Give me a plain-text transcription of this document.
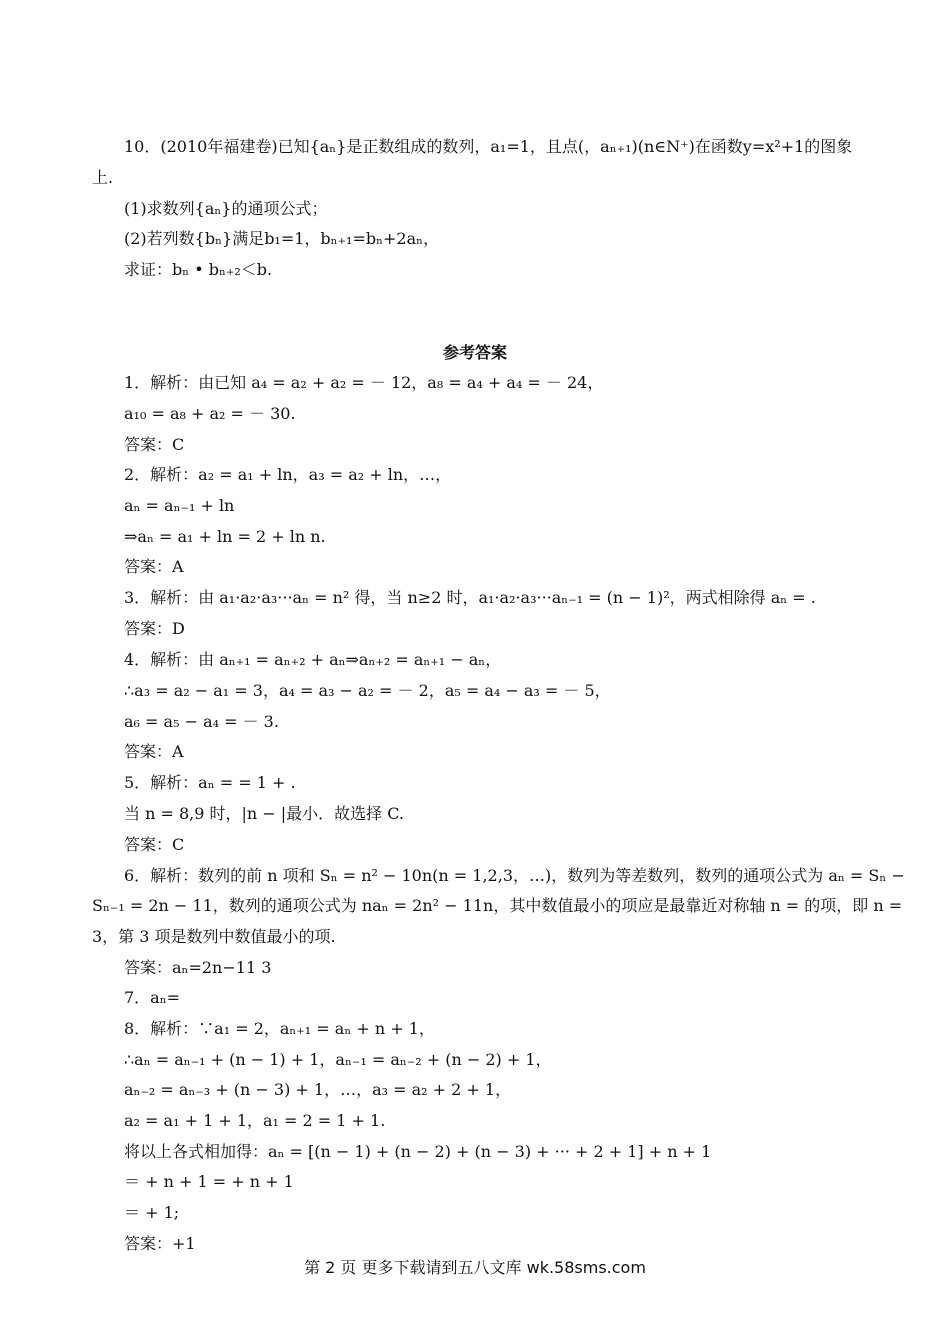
10．(2010年福建卷)已知{aₙ}是正数组成的数列，a₁=1，且点(，aₙ₊₁)(n∈N⁺)在函数y=x²+1的图象
上.
(1)求数列{aₙ}的通项公式；
(2)若列数{bₙ}满足b₁=1，bₙ₊₁=bₙ+2aₙ，
求证：bₙ • bₙ₊₂＜b.
参考答案
1．解析：由已知 a₄ = a₂ + a₂ = － 12，a₈ = a₄ + a₄ = － 24，
a₁₀ = a₈ + a₂ = － 30.
答案：C
2．解析：a₂ = a₁ + ln，a₃ = a₂ + ln，…，
aₙ = aₙ₋₁ + ln
⇒aₙ = a₁ + ln = 2 + ln n.
答案：A
3．解析：由 a₁·a₂·a₃···aₙ = n² 得，当 n≥2 时，a₁·a₂·a₃···aₙ₋₁ = (n − 1)²，两式相除得 aₙ = .
答案：D
4．解析：由 aₙ₊₁ = aₙ₊₂ + aₙ⇒aₙ₊₂ = aₙ₊₁ − aₙ，
∴a₃ = a₂ − a₁ = 3，a₄ = a₃ − a₂ = － 2，a₅ = a₄ − a₃ = － 5，
a₆ = a₅ − a₄ = － 3.
答案：A
5．解析：aₙ = = 1 + .
当 n = 8,9 时，|n − |最小．故选择 C.
答案：C
6．解析：数列的前 n 项和 Sₙ = n² − 10n(n = 1,2,3，…)，数列为等差数列，数列的通项公式为 aₙ = Sₙ −
Sₙ₋₁ = 2n − 11，数列的通项公式为 naₙ = 2n² − 11n，其中数值最小的项应是最靠近对称轴 n = 的项，即 n =
3，第 3 项是数列中数值最小的项.
答案：aₙ=2n−11 3
7．aₙ=
8．解析：∵a₁ = 2，aₙ₊₁ = aₙ + n + 1，
∴aₙ = aₙ₋₁ + (n − 1) + 1，aₙ₋₁ = aₙ₋₂ + (n − 2) + 1，
aₙ₋₂ = aₙ₋₃ + (n − 3) + 1，…，a₃ = a₂ + 2 + 1，
a₂ = a₁ + 1 + 1，a₁ = 2 = 1 + 1.
将以上各式相加得：aₙ = [(n − 1) + (n − 2) + (n − 3) + ··· + 2 + 1] + n + 1
＝ + n + 1 = + n + 1
＝ + 1;
答案：+1
第 2 页 更多下载请到五八文库 wk.58sms.com
